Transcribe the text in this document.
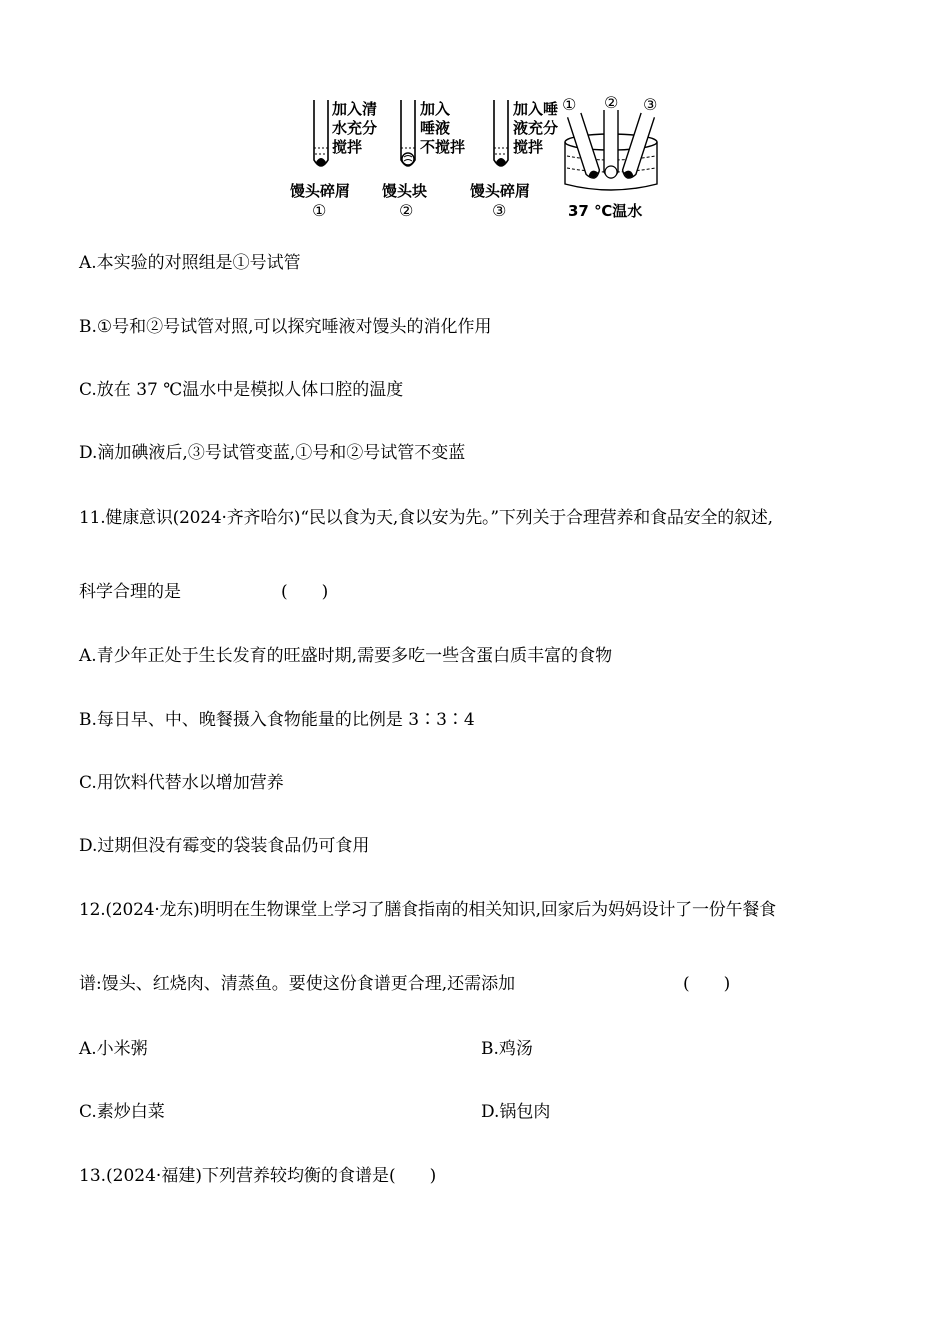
加入清
水充分
搅拌
馒头碎屑
①
加入
唾液
不搅拌
馒头块
②
加入唾
液充分
搅拌
馒头碎屑
③
① ② ③
37 ℃温水
A.本实验的对照组是①号试管
B.①号和②号试管对照,可以探究唾液对馒头的消化作用
C.放在 37 ℃温水中是模拟人体口腔的温度
D.滴加碘液后,③号试管变蓝,①号和②号试管不变蓝
11.健康意识(2024·齐齐哈尔)“民以食为天,食以安为先。”下列关于合理营养和食品安全的叙述,
科学合理的是	(　　)
A.青少年正处于生长发育的旺盛时期,需要多吃一些含蛋白质丰富的食物
B.每日早、中、晚餐摄入食物能量的比例是 3∶3∶4
C.用饮料代替水以增加营养
D.过期但没有霉变的袋装食品仍可食用
12.(2024·龙东)明明在生物课堂上学习了膳食指南的相关知识,回家后为妈妈设计了一份午餐食
谱:馒头、红烧肉、清蒸鱼。要使这份食谱更合理,还需添加	(　　)
A.小米粥	B.鸡汤
C.素炒白菜	D.锅包肉
13.(2024·福建)下列营养较均衡的食谱是(　　)
